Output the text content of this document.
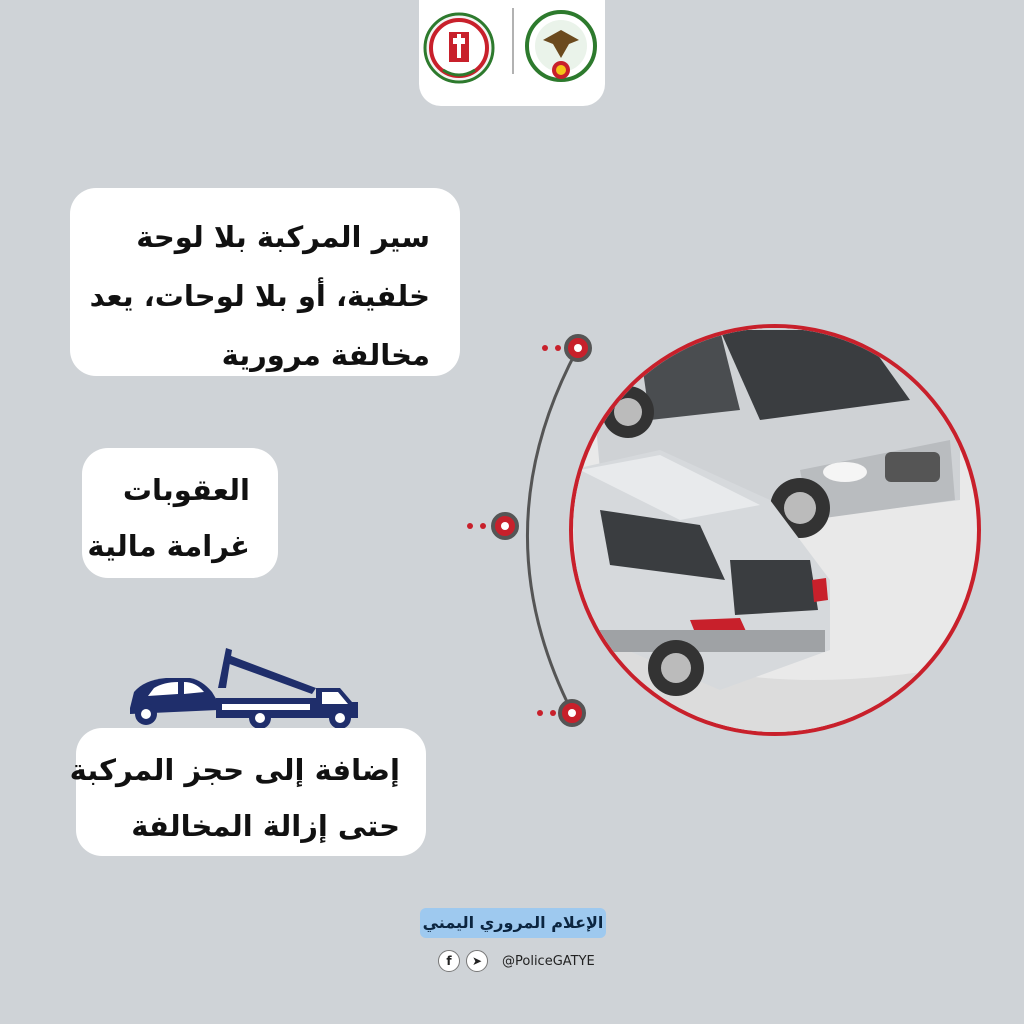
سير المركبة بلا لوحة
خلفية، أو بلا لوحات، يعد
مخالفة مرورية
العقوبات
غرامة مالية
إضافة إلى حجز المركبة
حتى إزالة المخالفة
الإعلام المروري اليمني
f	➤	@PoliceGATYE
